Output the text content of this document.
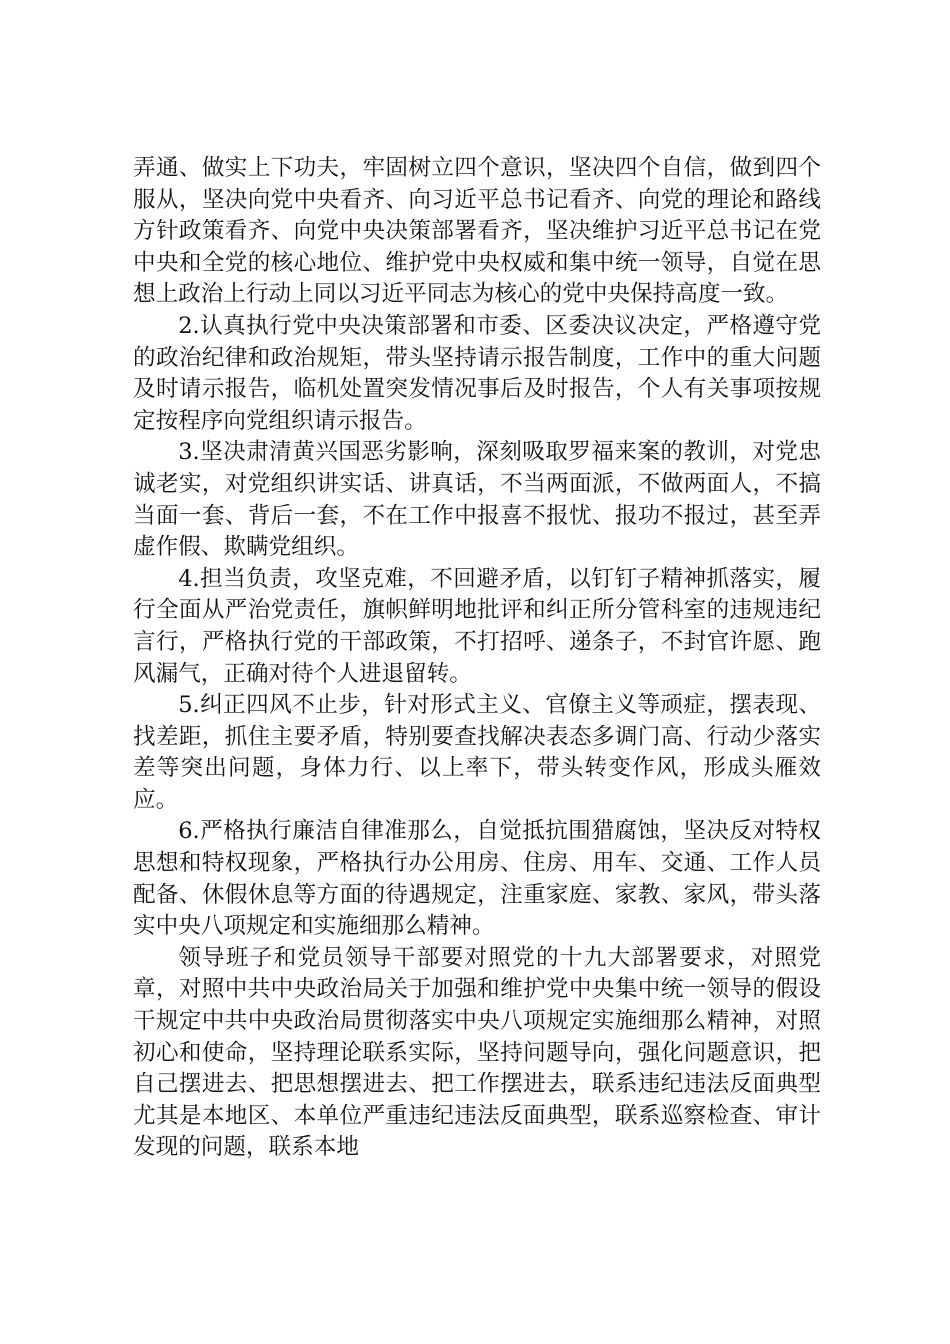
弄通、做实上下功夫，牢固树立四个意识，坚决四个自信，做到四个服从，坚决向党中央看齐、向习近平总书记看齐、向党的理论和路线方针政策看齐、向党中央决策部署看齐，坚决维护习近平总书记在党中央和全党的核心地位、维护党中央权威和集中统一领导，自觉在思想上政治上行动上同以习近平同志为核心的党中央保持高度一致。

2.认真执行党中央决策部署和市委、区委决议决定，严格遵守党的政治纪律和政治规矩，带头坚持请示报告制度，工作中的重大问题及时请示报告，临机处置突发情况事后及时报告，个人有关事项按规定按程序向党组织请示报告。

3.坚决肃清黄兴国恶劣影响，深刻吸取罗福来案的教训，对党忠诚老实，对党组织讲实话、讲真话，不当两面派，不做两面人，不搞当面一套、背后一套，不在工作中报喜不报忧、报功不报过，甚至弄虚作假、欺瞒党组织。

4.担当负责，攻坚克难，不回避矛盾，以钉钉子精神抓落实，履行全面从严治党责任，旗帜鲜明地批评和纠正所分管科室的违规违纪言行，严格执行党的干部政策，不打招呼、递条子，不封官许愿、跑风漏气，正确对待个人进退留转。

5.纠正四风不止步，针对形式主义、官僚主义等顽症，摆表现、找差距，抓住主要矛盾，特别要查找解决表态多调门高、行动少落实差等突出问题，身体力行、以上率下，带头转变作风，形成头雁效应。

6.严格执行廉洁自律准那么，自觉抵抗围猎腐蚀，坚决反对特权思想和特权现象，严格执行办公用房、住房、用车、交通、工作人员配备、休假休息等方面的待遇规定，注重家庭、家教、家风，带头落实中央八项规定和实施细那么精神。

领导班子和党员领导干部要对照党的十九大部署要求，对照党章，对照中共中央政治局关于加强和维护党中央集中统一领导的假设干规定中共中央政治局贯彻落实中央八项规定实施细那么精神，对照初心和使命，坚持理论联系实际，坚持问题导向，强化问题意识，把自己摆进去、把思想摆进去、把工作摆进去，联系违纪违法反面典型尤其是本地区、本单位严重违纪违法反面典型，联系巡察检查、审计发现的问题，联系本地
